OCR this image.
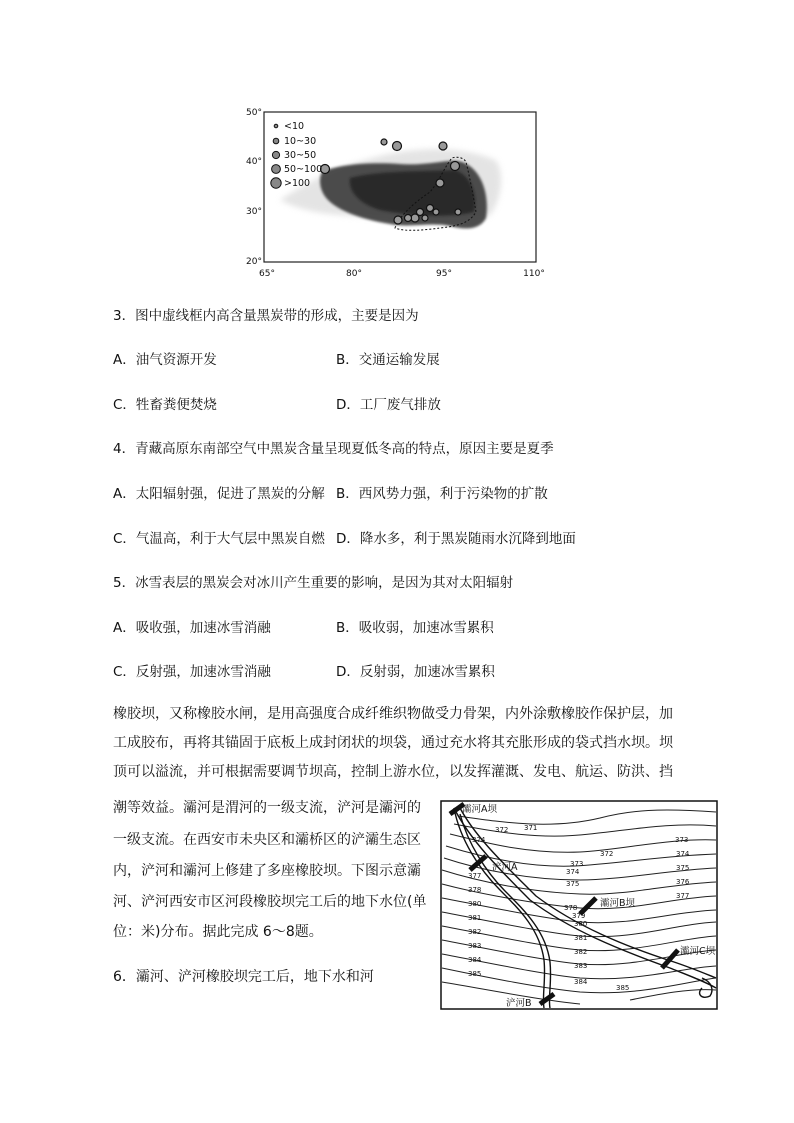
<10
10~30
30~50
50~100
>100
50°
40°
30°
20°
65°	80°	95°	110°
3．图中虚线框内高含量黑炭带的形成，主要是因为
A．油气资源开发	B．交通运输发展
C．牲畜粪便焚烧	D．工厂废气排放
4．青藏高原东南部空气中黑炭含量呈现夏低冬高的特点，原因主要是夏季
A．太阳辐射强，促进了黑炭的分解 B．西风势力强，利于污染物的扩散
C．气温高，利于大气层中黑炭自燃 D．降水多，利于黑炭随雨水沉降到地面
5．冰雪表层的黑炭会对冰川产生重要的影响，是因为其对太阳辐射
A．吸收强，加速冰雪消融	B．吸收弱，加速冰雪累积
C．反射强，加速冰雪消融	D．反射弱，加速冰雪累积
橡胶坝，又称橡胶水闸，是用高强度合成纤维织物做受力骨架，内外涂敷橡胶作保护层，加
工成胶布，再将其锚固于底板上成封闭状的坝袋，通过充水将其充胀形成的袋式挡水坝。坝
顶可以溢流，并可根据需要调节坝高，控制上游水位，以发挥灌溉、发电、航运、防洪、挡
潮等效益。灞河是渭河的一级支流，浐河是灞河的
一级支流。在西安市未央区和灞桥区的浐灞生态区
内，浐河和灞河上修建了多座橡胶坝。下图示意灞
河、浐河西安市区河段橡胶坝完工后的地下水位(单
位：米)分布。据此完成 6～8题。
6．灞河、浐河橡胶坝完工后，地下水和河
灞河A坝
浐河A
灞河B坝
灞河C坝
浐河B
372 371
374	373
374
372
373
374
375
375
376
377
377
378
378
379
380
380
381
381
382
382
383
383
384
384
385
385
